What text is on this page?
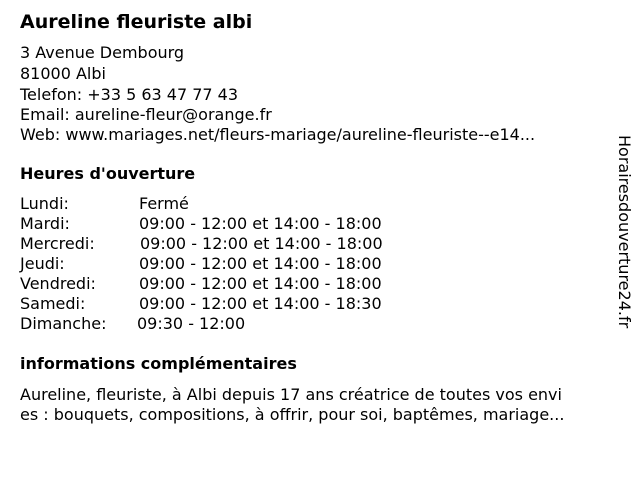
Aureline fleuriste albi
3 Avenue Dembourg
81000 Albi
Telefon: +33 5 63 47 77 43
Email: aureline-fleur@orange.fr
Web: www.mariages.net/fleurs-mariage/aureline-fleuriste--e14...
Heures d'ouverture
Lundi:	Fermé
Mardi:	09:00 - 12:00 et 14:00 - 18:00
Mercredi:	09:00 - 12:00 et 14:00 - 18:00
Jeudi:	09:00 - 12:00 et 14:00 - 18:00
Vendredi:	09:00 - 12:00 et 14:00 - 18:00
Samedi:	09:00 - 12:00 et 14:00 - 18:30
Dimanche: 09:30 - 12:00
informations complémentaires
Aureline, fleuriste, à Albi depuis 17 ans créatrice de toutes vos envi
es : bouquets, compositions, à offrir, pour soi, baptêmes, mariage...
Horairesdouverture24.fr
